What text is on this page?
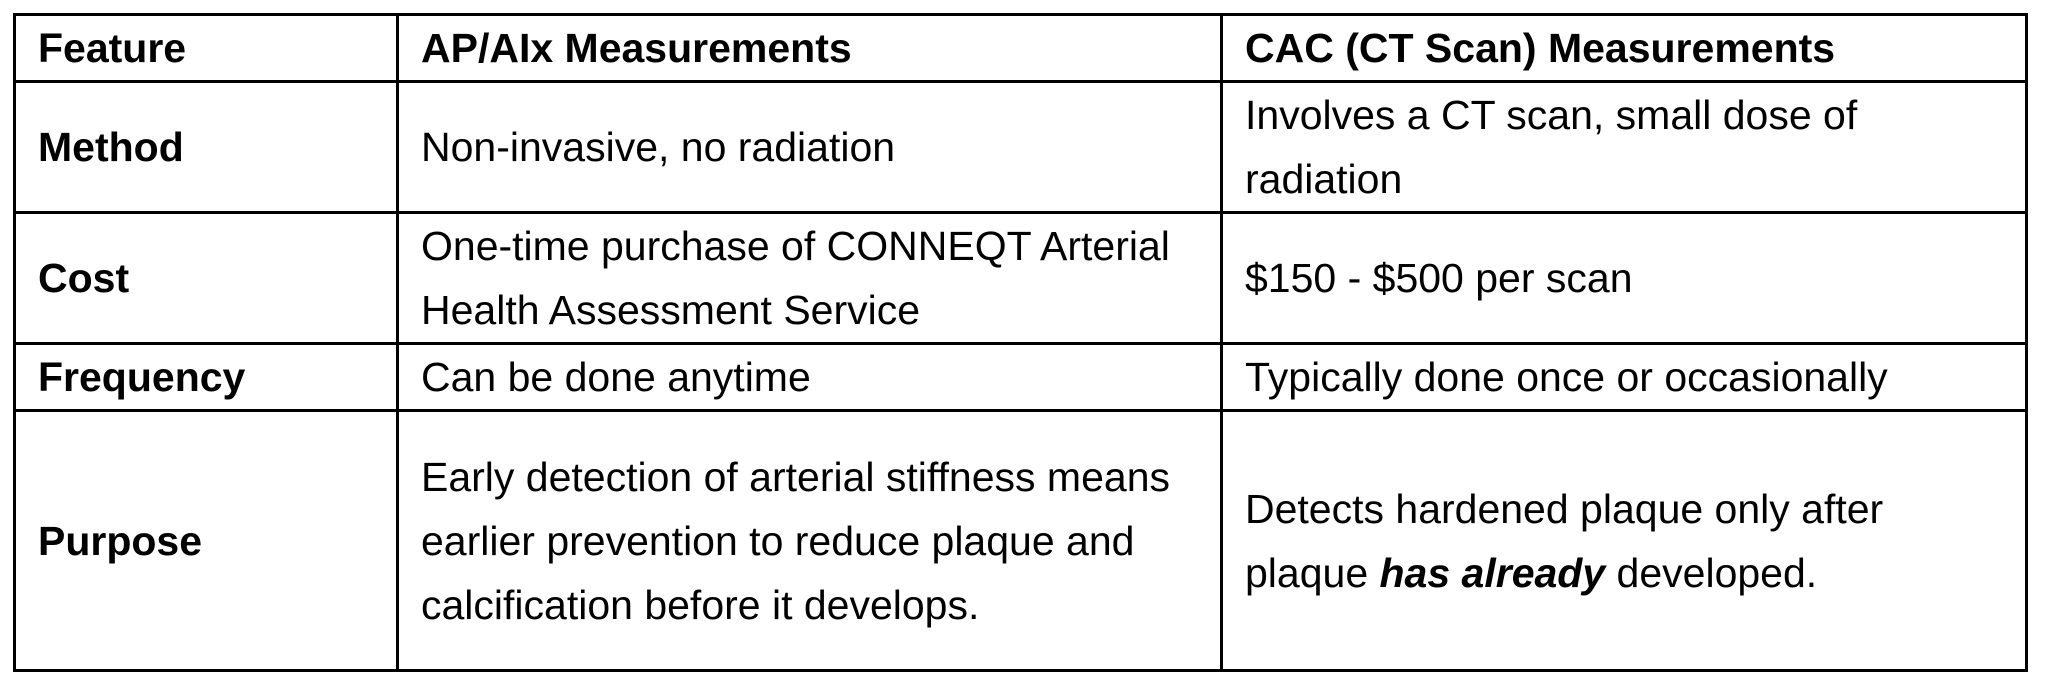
Feature	AP/AIx Measurements	CAC (CT Scan) Measurements
Method	Non-invasive, no radiation	Involves a CT scan, small dose of radiation
Cost	One-time purchase of CONNEQT Arterial Health Assessment Service	$150 - $500 per scan
Frequency	Can be done anytime	Typically done once or occasionally
Purpose	Early detection of arterial stiffness means earlier prevention to reduce plaque and calcification before it develops.	Detects hardened plaque only after plaque has already developed.
